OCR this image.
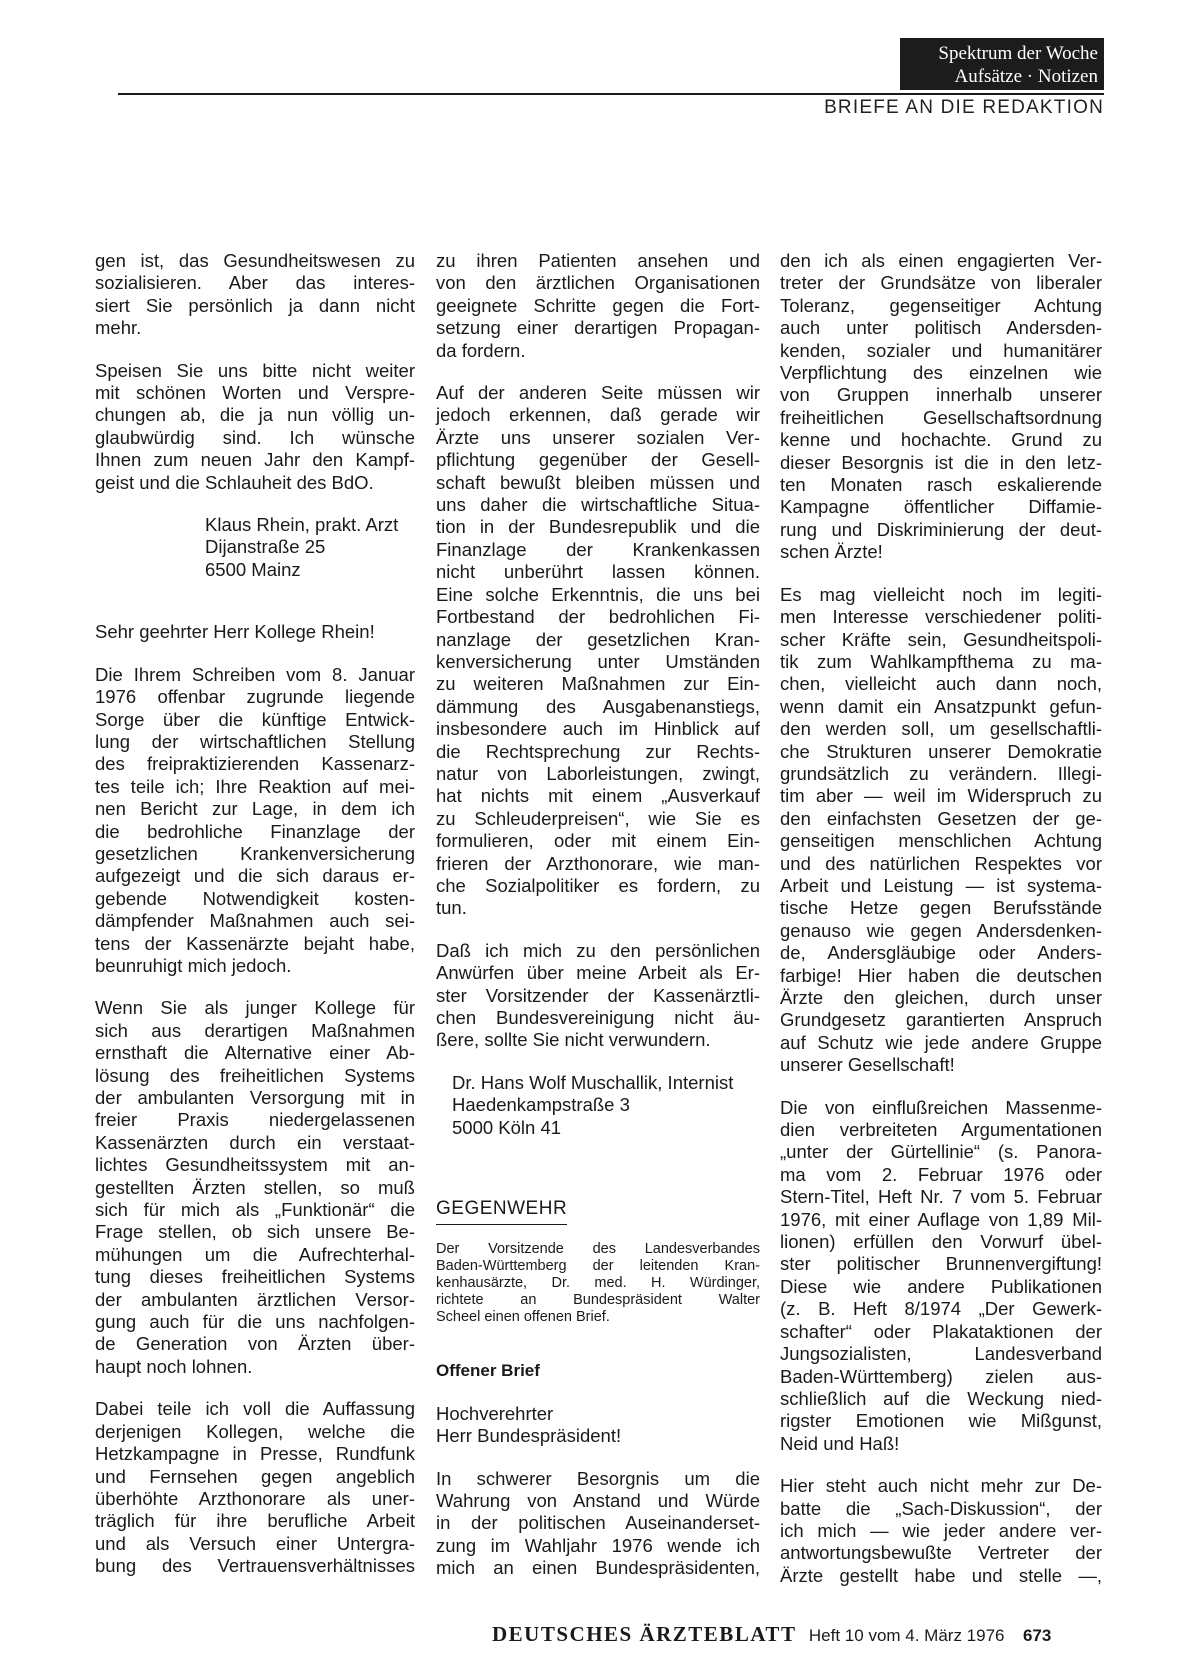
Spektrum der Woche
Aufsätze · Notizen
BRIEFE AN DIE REDAKTION
gen ist, das Gesundheitswesen zu
sozialisieren. Aber das interes-
siert Sie persönlich ja dann nicht
mehr.
Speisen Sie uns bitte nicht weiter
mit schönen Worten und Verspre-
chungen ab, die ja nun völlig un-
glaubwürdig sind. Ich wünsche
Ihnen zum neuen Jahr den Kampf-
geist und die Schlauheit des BdO.
Klaus Rhein, prakt. Arzt
Dijanstraße 25
6500 Mainz
Sehr geehrter Herr Kollege Rhein!
Die Ihrem Schreiben vom 8. Januar
1976 offenbar zugrunde liegende
Sorge über die künftige Entwick-
lung der wirtschaftlichen Stellung
des freipraktizierenden Kassenarz-
tes teile ich; Ihre Reaktion auf mei-
nen Bericht zur Lage, in dem ich
die bedrohliche Finanzlage der
gesetzlichen Krankenversicherung
aufgezeigt und die sich daraus er-
gebende Notwendigkeit kosten-
dämpfender Maßnahmen auch sei-
tens der Kassenärzte bejaht habe,
beunruhigt mich jedoch.
Wenn Sie als junger Kollege für
sich aus derartigen Maßnahmen
ernsthaft die Alternative einer Ab-
lösung des freiheitlichen Systems
der ambulanten Versorgung mit in
freier Praxis niedergelassenen
Kassenärzten durch ein verstaat-
lichtes Gesundheitssystem mit an-
gestellten Ärzten stellen, so muß
sich für mich als „Funktionär“ die
Frage stellen, ob sich unsere Be-
mühungen um die Aufrechterhal-
tung dieses freiheitlichen Systems
der ambulanten ärztlichen Versor-
gung auch für die uns nachfolgen-
de Generation von Ärzten über-
haupt noch lohnen.
Dabei teile ich voll die Auffassung
derjenigen Kollegen, welche die
Hetzkampagne in Presse, Rundfunk
und Fernsehen gegen angeblich
überhöhte Arzthonorare als uner-
träglich für ihre berufliche Arbeit
und als Versuch einer Untergra-
bung des Vertrauensverhältnisses
zu ihren Patienten ansehen und
von den ärztlichen Organisationen
geeignete Schritte gegen die Fort-
setzung einer derartigen Propagan-
da fordern.
Auf der anderen Seite müssen wir
jedoch erkennen, daß gerade wir
Ärzte uns unserer sozialen Ver-
pflichtung gegenüber der Gesell-
schaft bewußt bleiben müssen und
uns daher die wirtschaftliche Situa-
tion in der Bundesrepublik und die
Finanzlage der Krankenkassen
nicht unberührt lassen können.
Eine solche Erkenntnis, die uns bei
Fortbestand der bedrohlichen Fi-
nanzlage der gesetzlichen Kran-
kenversicherung unter Umständen
zu weiteren Maßnahmen zur Ein-
dämmung des Ausgabenanstiegs,
insbesondere auch im Hinblick auf
die Rechtsprechung zur Rechts-
natur von Laborleistungen, zwingt,
hat nichts mit einem „Ausverkauf
zu Schleuderpreisen“, wie Sie es
formulieren, oder mit einem Ein-
frieren der Arzthonorare, wie man-
che Sozialpolitiker es fordern, zu
tun.
Daß ich mich zu den persönlichen
Anwürfen über meine Arbeit als Er-
ster Vorsitzender der Kassenärztli-
chen Bundesvereinigung nicht äu-
ßere, sollte Sie nicht verwundern.
Dr. Hans Wolf Muschallik, Internist
Haedenkampstraße 3
5000 Köln 41
GEGENWEHR
Der Vorsitzende des Landesverbandes
Baden-Württemberg der leitenden Kran-
kenhausärzte, Dr. med. H. Würdinger,
richtete an Bundespräsident Walter
Scheel einen offenen Brief.
Offener Brief
Hochverehrter
Herr Bundespräsident!
In schwerer Besorgnis um die
Wahrung von Anstand und Würde
in der politischen Auseinanderset-
zung im Wahljahr 1976 wende ich
mich an einen Bundespräsidenten,
den ich als einen engagierten Ver-
treter der Grundsätze von liberaler
Toleranz, gegenseitiger Achtung
auch unter politisch Andersden-
kenden, sozialer und humanitärer
Verpflichtung des einzelnen wie
von Gruppen innerhalb unserer
freiheitlichen Gesellschaftsordnung
kenne und hochachte. Grund zu
dieser Besorgnis ist die in den letz-
ten Monaten rasch eskalierende
Kampagne öffentlicher Diffamie-
rung und Diskriminierung der deut-
schen Ärzte!
Es mag vielleicht noch im legiti-
men Interesse verschiedener politi-
scher Kräfte sein, Gesundheitspoli-
tik zum Wahlkampfthema zu ma-
chen, vielleicht auch dann noch,
wenn damit ein Ansatzpunkt gefun-
den werden soll, um gesellschaftli-
che Strukturen unserer Demokratie
grundsätzlich zu verändern. Illegi-
tim aber — weil im Widerspruch zu
den einfachsten Gesetzen der ge-
genseitigen menschlichen Achtung
und des natürlichen Respektes vor
Arbeit und Leistung — ist systema-
tische Hetze gegen Berufsstände
genauso wie gegen Andersdenken-
de, Andersgläubige oder Anders-
farbige! Hier haben die deutschen
Ärzte den gleichen, durch unser
Grundgesetz garantierten Anspruch
auf Schutz wie jede andere Gruppe
unserer Gesellschaft!
Die von einflußreichen Massenme-
dien verbreiteten Argumentationen
„unter der Gürtellinie“ (s. Panora-
ma vom 2. Februar 1976 oder
Stern-Titel, Heft Nr. 7 vom 5. Februar
1976, mit einer Auflage von 1,89 Mil-
lionen) erfüllen den Vorwurf übel-
ster politischer Brunnenvergiftung!
Diese wie andere Publikationen
(z. B. Heft 8/1974 „Der Gewerk-
schafter“ oder Plakataktionen der
Jungsozialisten, Landesverband
Baden-Württemberg) zielen aus-
schließlich auf die Weckung nied-
rigster Emotionen wie Mißgunst,
Neid und Haß!
Hier steht auch nicht mehr zur De-
batte die „Sach-Diskussion“, der
ich mich — wie jeder andere ver-
antwortungsbewußte Vertreter der
Ärzte gestellt habe und stelle —,
DEUTSCHES ÄRZTEBLATT Heft 10 vom 4. März 1976 673
